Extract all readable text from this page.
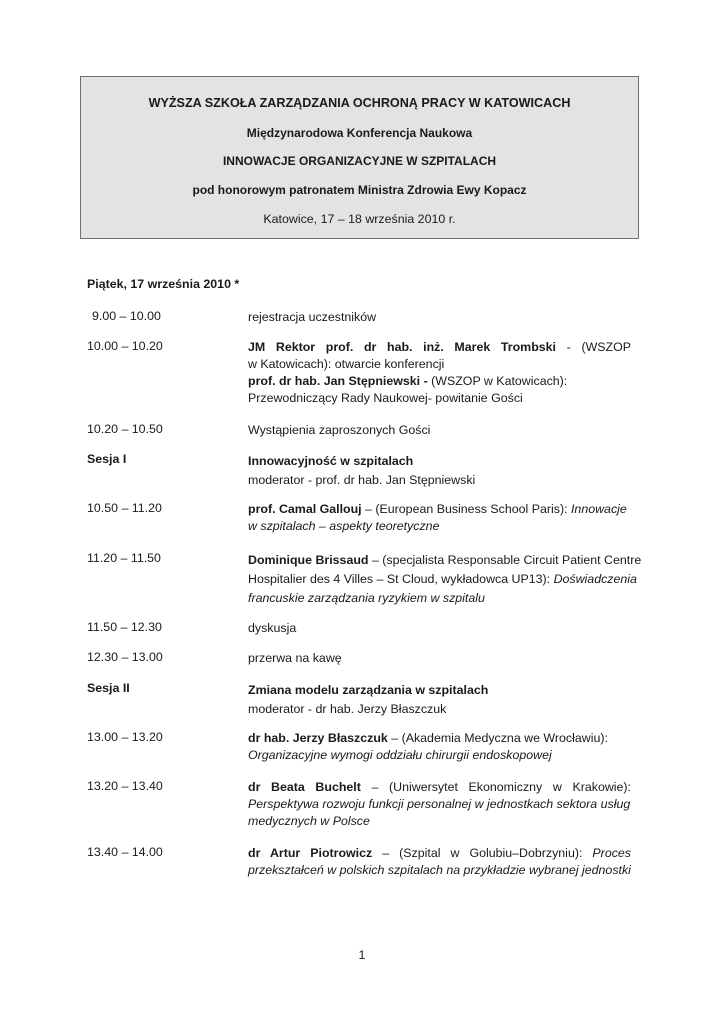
WYŻSZA SZKOŁA ZARZĄDZANIA OCHRONĄ PRACY W KATOWICACH
Międzynarodowa Konferencja Naukowa
INNOWACJE ORGANIZACYJNE W SZPITALACH
pod honorowym patronatem Ministra Zdrowia Ewy Kopacz
Katowice, 17 – 18 września 2010 r.
Piątek, 17 września 2010 *
9.00 – 10.00	rejestracja uczestników
10.00 – 10.20	JM Rektor prof. dr hab. inż. Marek Trombski - (WSZOP
w Katowicach): otwarcie konferencji
prof. dr hab. Jan Stępniewski - (WSZOP w Katowicach):
Przewodniczący Rady Naukowej- powitanie Gości
10.20 – 10.50	Wystąpienia zaproszonych Gości
Sesja I	Innowacyjność w szpitalach
moderator - prof. dr hab. Jan Stępniewski
10.50 – 11.20	prof. Camal Gallouj – (European Business School Paris): Innowacje
w szpitalach – aspekty teoretyczne
11.20 – 11.50	Dominique Brissaud – (specjalista Responsable Circuit Patient Centre
Hospitalier des 4 Villes – St Cloud, wykładowca UP13): Doświadczenia
francuskie zarządzania ryzykiem w szpitalu
11.50 – 12.30	dyskusja
12.30 – 13.00	przerwa na kawę
Sesja II	Zmiana modelu zarządzania w szpitalach
moderator - dr hab. Jerzy Błaszczuk
13.00 – 13.20	dr hab. Jerzy Błaszczuk – (Akademia Medyczna we Wrocławiu):
Organizacyjne wymogi oddziału chirurgii endoskopowej
13.20 – 13.40	dr Beata Buchelt – (Uniwersytet Ekonomiczny w Krakowie):
Perspektywa rozwoju funkcji personalnej w jednostkach sektora usług
medycznych w Polsce
13.40 – 14.00	dr Artur Piotrowicz – (Szpital w Golubiu–Dobrzyniu): Proces
przekształceń w polskich szpitalach na przykładzie wybranej jednostki
1
